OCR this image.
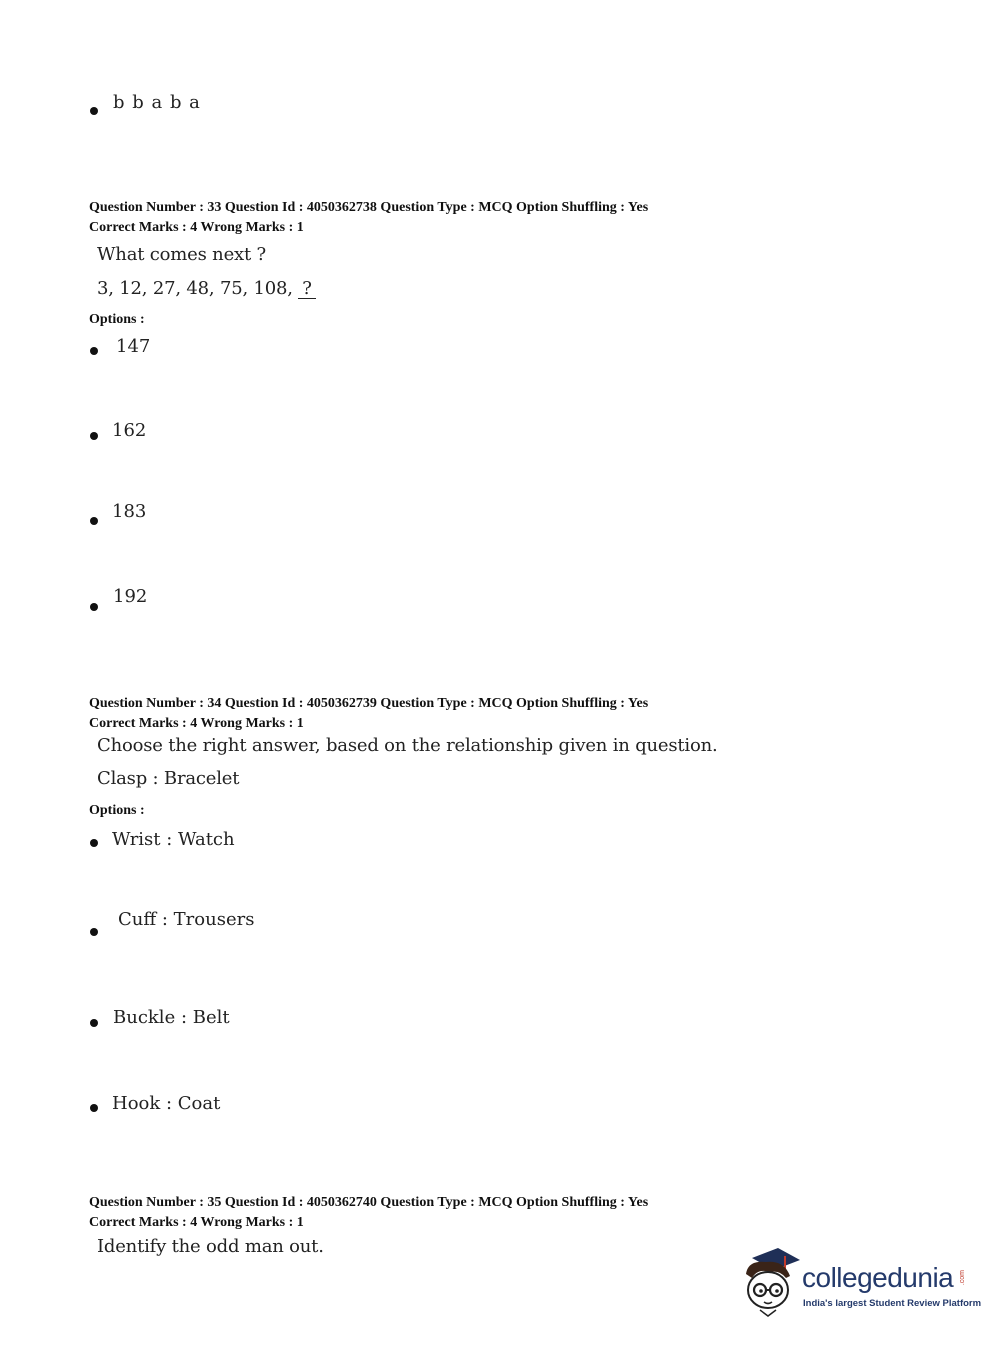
b b a b a
Question Number : 33 Question Id : 4050362738 Question Type : MCQ Option Shuffling : Yes
Correct Marks : 4 Wrong Marks : 1
What comes next ?
3, 12, 27, 48, 75, 108, ?
Options :
147
162
183
192
Question Number : 34 Question Id : 4050362739 Question Type : MCQ Option Shuffling : Yes
Correct Marks : 4 Wrong Marks : 1
Choose the right answer, based on the relationship given in question.
Clasp : Bracelet
Options :
Wrist : Watch
Cuff : Trousers
Buckle : Belt
Hook : Coat
Question Number : 35 Question Id : 4050362740 Question Type : MCQ Option Shuffling : Yes
Correct Marks : 4 Wrong Marks : 1
Identify the odd man out.
collegedunia .com
India's largest Student Review Platform
